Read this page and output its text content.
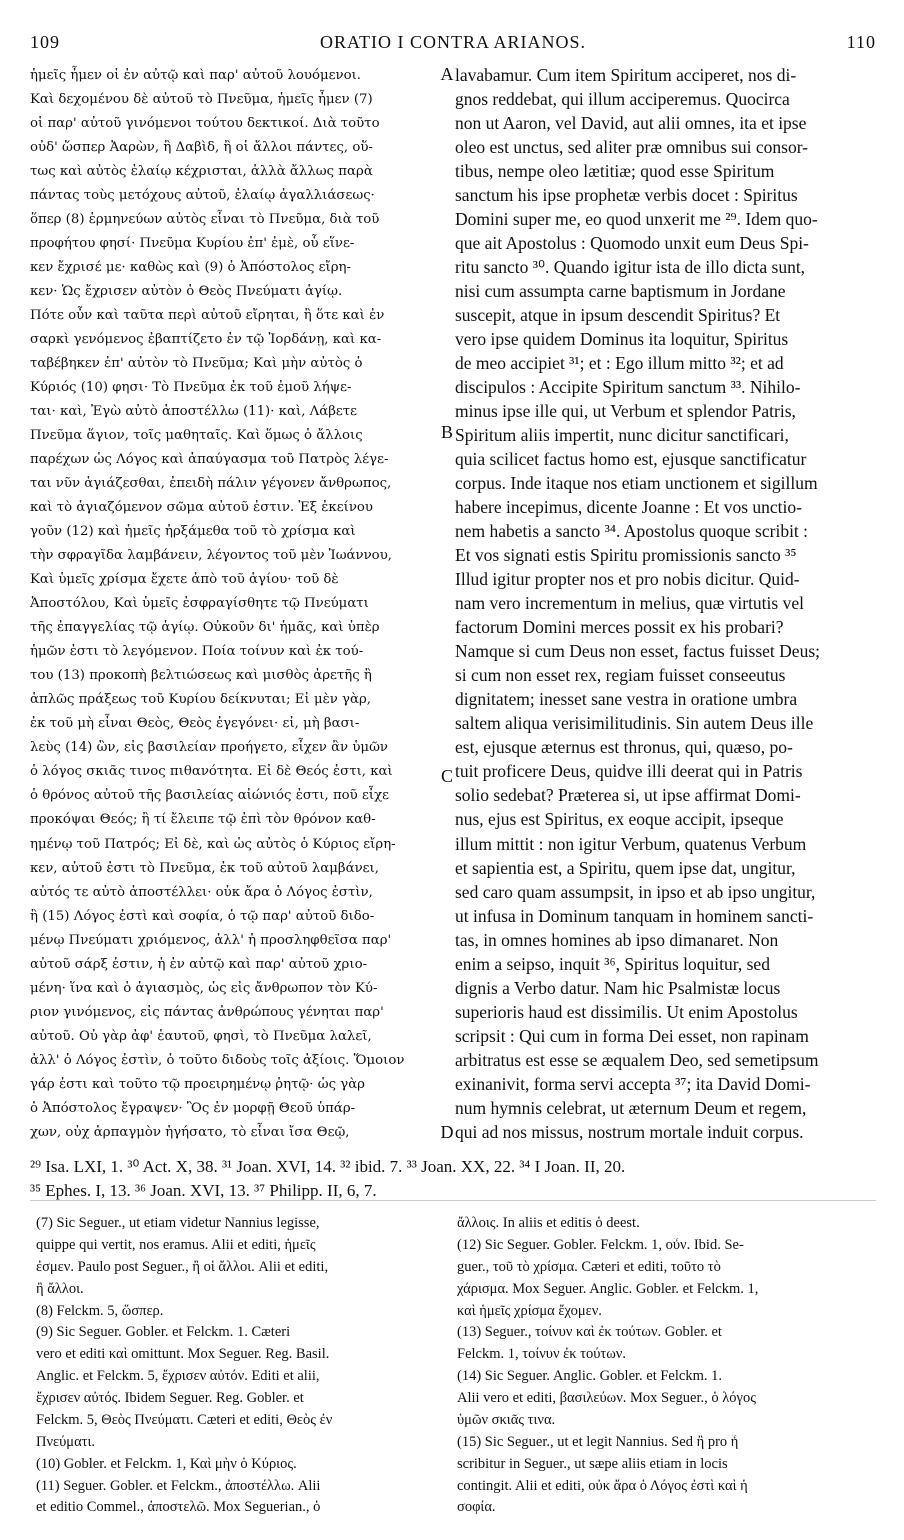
109	ORATIO I CONTRA ARIANOS.	110
ἡμεῖς ἦμεν οἱ ἐν αὐτῷ καὶ παρ' αὐτοῦ λουόμενοι.
Καὶ δεχομένου δὲ αὐτοῦ τὸ Πνεῦμα, ἡμεῖς ἦμεν (7)
οἱ παρ' αὐτοῦ γινόμενοι τούτου δεκτικοί. Διὰ τοῦτο
οὐδ' ὥσπερ Ἀαρὼν, ἢ Δαβὶδ, ἢ οἱ ἄλλοι πάντες, οὕ-
τως καὶ αὐτὸς ἐλαίῳ κέχρισται, ἀλλὰ ἄλλως παρὰ
πάντας τοὺς μετόχους αὐτοῦ, ἐλαίῳ ἀγαλλιάσεως·
ὅπερ (8) ἑρμηνεύων αὐτὸς εἶναι τὸ Πνεῦμα, διὰ τοῦ
προφήτου φησί· Πνεῦμα Κυρίου ἐπ' ἐμὲ, οὗ εἵνε-
κεν ἔχρισέ με· καθὼς καὶ (9) ὁ Ἀπόστολος εἴρη-
κεν· Ὡς ἔχρισεν αὐτὸν ὁ Θεὸς Πνεύματι ἁγίῳ.
Πότε οὖν καὶ ταῦτα περὶ αὐτοῦ εἴρηται, ἢ ὅτε καὶ ἐν
σαρκὶ γενόμενος ἐβαπτίζετο ἐν τῷ Ἰορδάνῃ, καὶ κα-
ταβέβηκεν ἐπ' αὐτὸν τὸ Πνεῦμα; Καὶ μὴν αὐτὸς ὁ
Κύριός (10) φησι· Τὸ Πνεῦμα ἐκ τοῦ ἐμοῦ λήψε-
ται· καὶ, Ἐγὼ αὐτὸ ἀποστέλλω (11)· καὶ, Λάβετε
Πνεῦμα ἅγιον, τοῖς μαθηταῖς. Καὶ ὅμως ὁ ἄλλοις
παρέχων ὡς Λόγος καὶ ἀπαύγασμα τοῦ Πατρὸς λέγε-
ται νῦν ἁγιάζεσθαι, ἐπειδὴ πάλιν γέγονεν ἄνθρωπος,
καὶ τὸ ἁγιαζόμενον σῶμα αὐτοῦ ἐστιν. Ἐξ ἐκείνου
γοῦν (12) καὶ ἡμεῖς ἠρξάμεθα τοῦ τὸ χρίσμα καὶ
τὴν σφραγῖδα λαμβάνειν, λέγοντος τοῦ μὲν Ἰωάννου,
Καὶ ὑμεῖς χρίσμα ἔχετε ἀπὸ τοῦ ἁγίου· τοῦ δὲ
Ἀποστόλου, Καὶ ὑμεῖς ἐσφραγίσθητε τῷ Πνεύματι
τῆς ἐπαγγελίας τῷ ἁγίῳ. Οὐκοῦν δι' ἡμᾶς, καὶ ὑπὲρ
ἡμῶν ἐστι τὸ λεγόμενον. Ποία τοίνυν καὶ ἐκ τού-
του (13) προκοπὴ βελτιώσεως καὶ μισθὸς ἀρετῆς ἢ
ἁπλῶς πράξεως τοῦ Κυρίου δείκνυται; Εἰ μὲν γὰρ,
ἐκ τοῦ μὴ εἶναι Θεὸς, Θεὸς ἐγεγόνει· εἰ, μὴ βασι-
λεὺς (14) ὢν, εἰς βασιλείαν προήγετο, εἶχεν ἂν ὑμῶν
ὁ λόγος σκιᾶς τινος πιθανότητα. Εἰ δὲ Θεός ἐστι, καὶ
ὁ θρόνος αὐτοῦ τῆς βασιλείας αἰώνιός ἐστι, ποῦ εἶχε
προκόψαι Θεός; ἢ τί ἔλειπε τῷ ἐπὶ τὸν θρόνον καθ-
ημένῳ τοῦ Πατρός; Εἰ δὲ, καὶ ὡς αὐτὸς ὁ Κύριος εἴρη-
κεν, αὐτοῦ ἐστι τὸ Πνεῦμα, ἐκ τοῦ αὐτοῦ λαμβάνει,
αὐτός τε αὐτὸ ἀποστέλλει· οὐκ ἄρα ὁ Λόγος ἐστὶν,
ἢ (15) Λόγος ἐστὶ καὶ σοφία, ὁ τῷ παρ' αὐτοῦ διδο-
μένῳ Πνεύματι χριόμενος, ἀλλ' ἡ προσληφθεῖσα παρ'
αὐτοῦ σάρξ ἐστιν, ἡ ἐν αὐτῷ καὶ παρ' αὐτοῦ χριο-
μένη· ἵνα καὶ ὁ ἁγιασμὸς, ὡς εἰς ἄνθρωπον τὸν Κύ-
ριον γινόμενος, εἰς πάντας ἀνθρώπους γένηται παρ'
αὐτοῦ. Οὐ γὰρ ἀφ' ἑαυτοῦ, φησὶ, τὸ Πνεῦμα λαλεῖ,
ἀλλ' ὁ Λόγος ἐστὶν, ὁ τοῦτο διδοὺς τοῖς ἀξίοις. Ὅμοιον
γάρ ἐστι καὶ τοῦτο τῷ προειρημένῳ ῥητῷ· ὡς γὰρ
ὁ Ἀπόστολος ἔγραψεν· Ὃς ἐν μορφῇ Θεοῦ ὑπάρ-
χων, οὐχ ἁρπαγμὸν ἡγήσατο, τὸ εἶναι ἴσα Θεῷ,
lavabamur. Cum item Spiritum acciperet, nos di-
gnos reddebat, qui illum acciperemus. Quocirca
non ut Aaron, vel David, aut alii omnes, ita et ipse
oleo est unctus, sed aliter præ omnibus sui consor-
tibus, nempe oleo lætitiæ; quod esse Spiritum
sanctum his ipse prophetæ verbis docet : Spiritus
Domini super me, eo quod unxerit me ²⁹. Idem quo-
que ait Apostolus : Quomodo unxit eum Deus Spi-
ritu sancto ³⁰. Quando igitur ista de illo dicta sunt,
nisi cum assumpta carne baptismum in Jordane
suscepit, atque in ipsum descendit Spiritus? Et
vero ipse quidem Dominus ita loquitur, Spiritus
de meo accipiet ³¹; et : Ego illum mitto ³²; et ad
discipulos : Accipite Spiritum sanctum ³³. Nihilo-
minus ipse ille qui, ut Verbum et splendor Patris,
Spiritum aliis impertit, nunc dicitur sanctificari,
quia scilicet factus homo est, ejusque sanctificatur
corpus. Inde itaque nos etiam unctionem et sigillum
habere incepimus, dicente Joanne : Et vos unctio-
nem habetis a sancto ³⁴. Apostolus quoque scribit :
Et vos signati estis Spiritu promissionis sancto ³⁵
Illud igitur propter nos et pro nobis dicitur. Quid-
nam vero incrementum in melius, quæ virtutis vel
factorum Domini merces possit ex his probari?
Namque si cum Deus non esset, factus fuisset Deus;
si cum non esset rex, regiam fuisset conseeutus
dignitatem; inesset sane vestra in oratione umbra
saltem aliqua verisimilitudinis. Sin autem Deus ille
est, ejusque æternus est thronus, qui, quæso, po-
tuit proficere Deus, quidve illi deerat qui in Patris
solio sedebat? Præterea si, ut ipse affirmat Domi-
nus, ejus est Spiritus, ex eoque accipit, ipseque
illum mittit : non igitur Verbum, quatenus Verbum
et sapientia est, a Spiritu, quem ipse dat, ungitur,
sed caro quam assumpsit, in ipso et ab ipso ungitur,
ut infusa in Dominum tanquam in hominem sancti-
tas, in omnes homines ab ipso dimanaret. Non
enim a seipso, inquit ³⁶, Spiritus loquitur, sed
dignis a Verbo datur. Nam hic Psalmistæ locus
superioris haud est dissimilis. Ut enim Apostolus
scripsit : Qui cum in forma Dei esset, non rapinam
arbitratus est esse se æqualem Deo, sed semetipsum
exinanivit, forma servi accepta ³⁷; ita David Domi-
num hymnis celebrat, ut æternum Deum et regem,
qui ad nos missus, nostrum mortale induit corpus.
A
B
C
D
²⁹ Isa. LXI, 1. ³⁰ Act. X, 38. ³¹ Joan. XVI, 14. ³² ibid. 7. ³³ Joan. XX, 22. ³⁴ I Joan. II, 20.
³⁵ Ephes. I, 13. ³⁶ Joan. XVI, 13. ³⁷ Philipp. II, 6, 7.
(7) Sic Seguer., ut etiam videtur Nannius legisse,
quippe qui vertit, nos eramus. Alii et editi, ἡμεῖς
ἐσμεν. Paulo post Seguer., ἢ οἱ ἄλλοι. Alii et editi,
ἢ ἄλλοι.
(8) Felckm. 5, ὥσπερ.
(9) Sic Seguer. Gobler. et Felckm. 1. Cæteri
vero et editi καὶ omittunt. Mox Seguer. Reg. Basil.
Anglic. et Felckm. 5, ἔχρισεν αὐτόν. Editi et alii,
ἔχρισεν αὐτός. Ibidem Seguer. Reg. Gobler. et
Felckm. 5, Θεὸς Πνεύματι. Cæteri et editi, Θεὸς ἐν
Πνεύματι.
(10) Gobler. et Felckm. 1, Καὶ μὴν ὁ Κύριος.
(11) Seguer. Gobler. et Felckm., ἀποστέλλω. Alii
et editio Commel., ἀποστελῶ. Mox Seguerian., ὁ
ἄλλοις. In aliis et editis ὁ deest.
(12) Sic Seguer. Gobler. Felckm. 1, οὖν. Ibid. Se-
guer., τοῦ τὸ χρίσμα. Cæteri et editi, τοῦτο τὸ
χάρισμα. Mox Seguer. Anglic. Gobler. et Felckm. 1,
καὶ ἡμεῖς χρίσμα ἔχομεν.
(13) Seguer., τοίνυν καὶ ἐκ τούτων. Gobler. et
Felckm. 1, τοίνυν ἐκ τούτων.
(14) Sic Seguer. Anglic. Gobler. et Felckm. 1.
Alii vero et editi, βασιλεύων. Mox Seguer., ὁ λόγος
ὑμῶν σκιᾶς τινα.
(15) Sic Seguer., ut et legit Nannius. Sed ἢ pro ἦ
scribitur in Seguer., ut sæpe aliis etiam in locis
contingit. Alii et editi, οὐκ ἄρα ὁ Λόγος ἐστὶ καὶ ἡ
σοφία.
